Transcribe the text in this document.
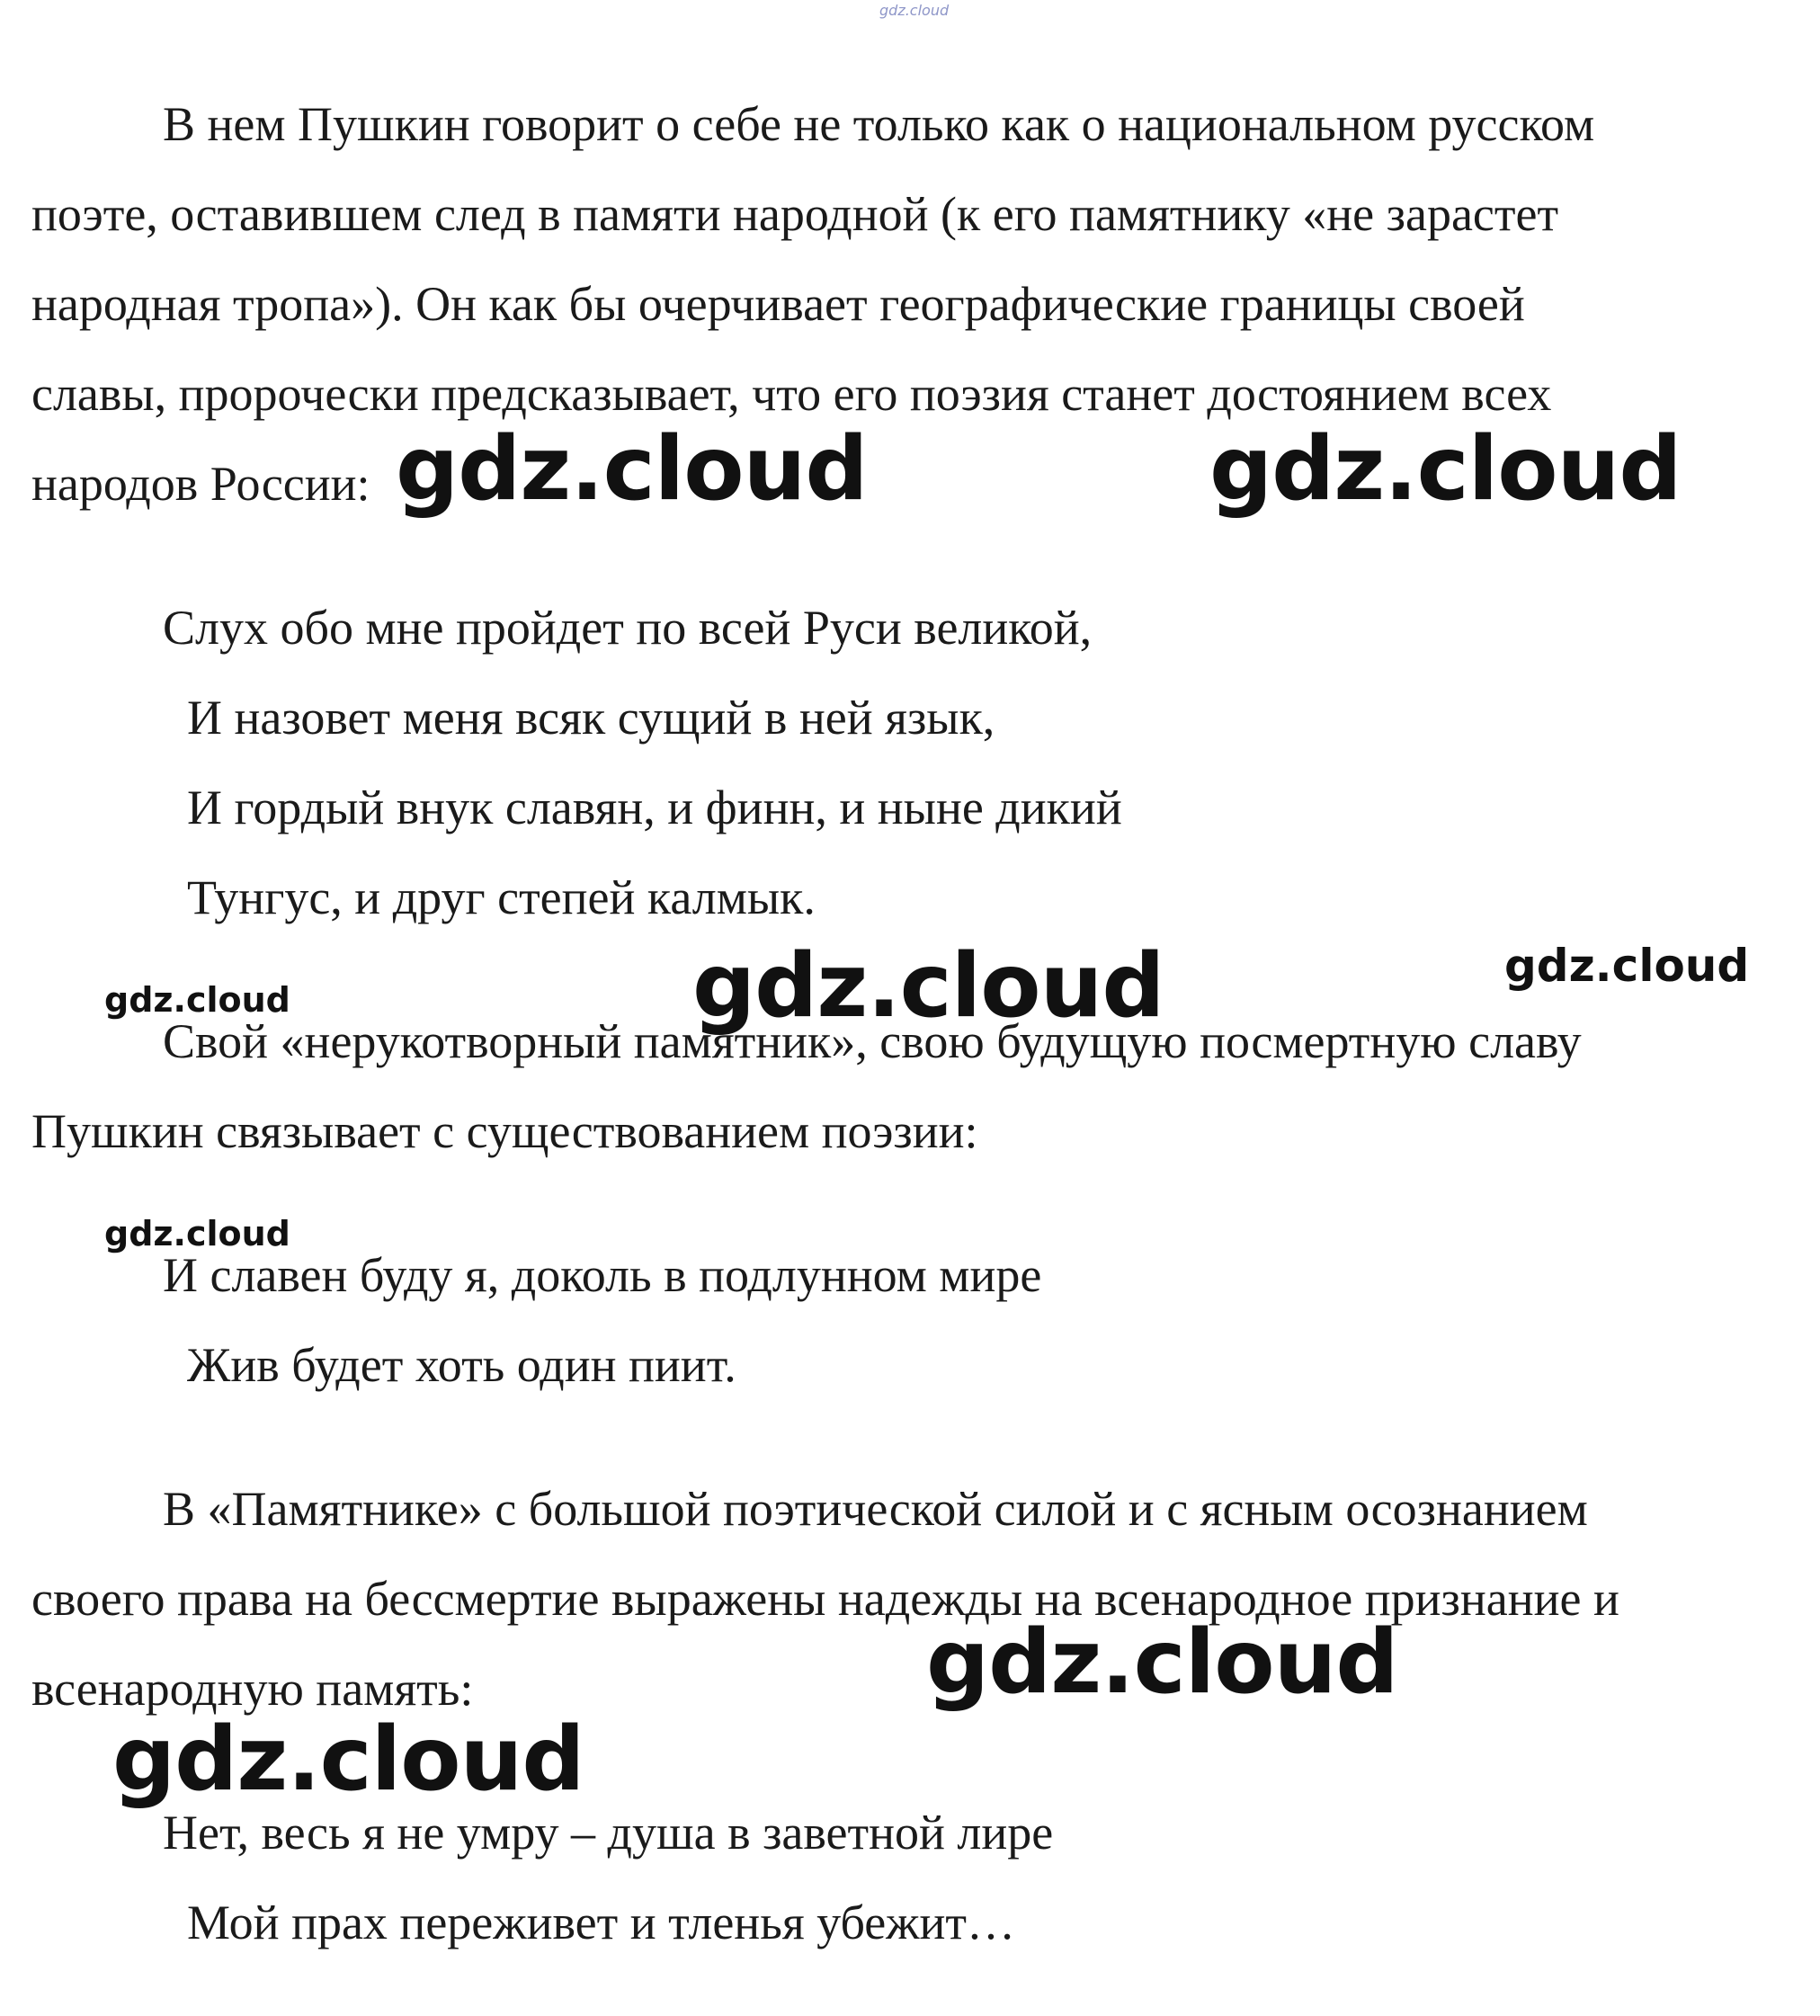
gdz.cloud
В нем Пушкин говорит о себе не только как о национальном русском
поэте, оставившем след в памяти народной (к его памятнику «не зарастет
народная тропа»). Он как бы очерчивает географические границы своей
славы, пророчески предсказывает, что его поэзия станет достоянием всех
народов России:
Слух обо мне пройдет по всей Руси великой,
И назовет меня всяк сущий в ней язык,
И гордый внук славян, и финн, и ныне дикий
Тунгус, и друг степей калмык.
Свой «нерукотворный памятник», свою будущую посмертную славу
Пушкин связывает с существованием поэзии:
И славен буду я, доколь в подлунном мире
Жив будет хоть один пиит.
В «Памятнике» с большой поэтической силой и с ясным осознанием
своего права на бессмертие выражены надежды на всенародное признание и
всенародную память:
Нет, весь я не умру – душа в заветной лире
Мой прах переживет и тленья убежит…
gdz.cloud	gdz.cloud
gdz.cloud	gdz.cloud
gdz.cloud
gdz.cloud
gdz.cloud
gdz.cloud
